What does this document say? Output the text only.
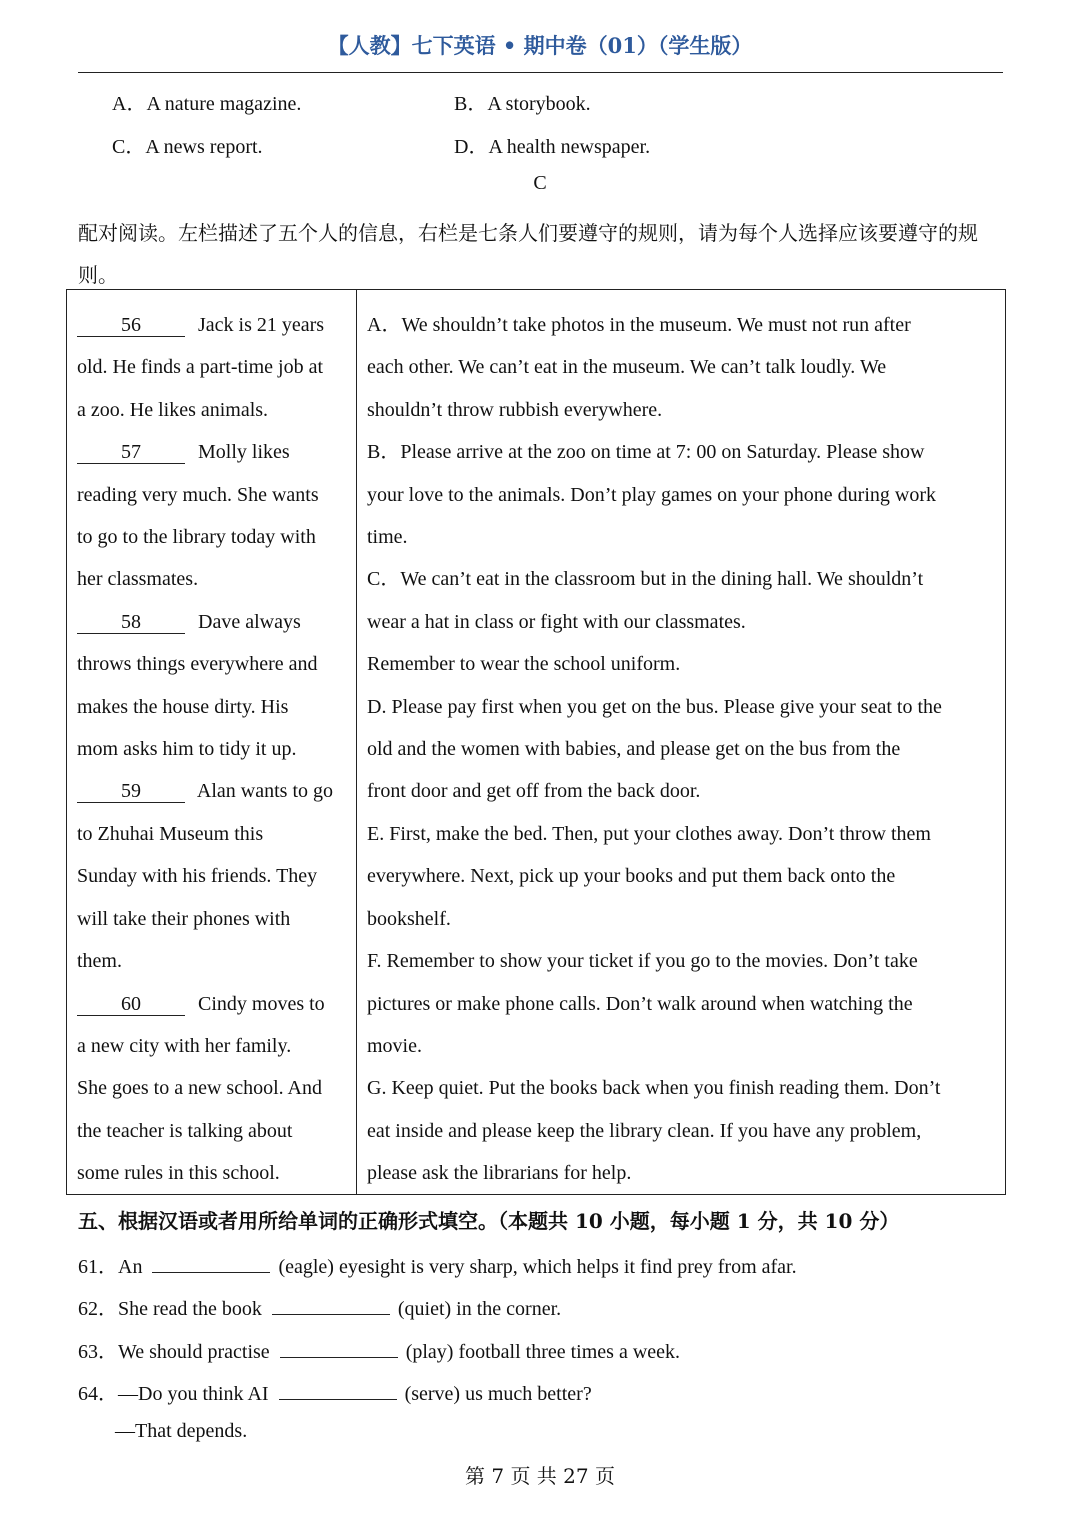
【人教】七下英语 • 期中卷（01）（学生版）
A．A nature magazine.	B．A storybook.
C．A news report.	D．A health newspaper.
C
配对阅读。左栏描述了五个人的信息，右栏是七条人们要遵守的规则，请为每个人选择应该要遵守的规则。
56	Jack is 21 years
old. He finds a part-time job at
a zoo. He likes animals.
57	Molly likes
reading very much. She wants
to go to the library today with
her classmates.
58	Dave always
throws things everywhere and
makes the house dirty. His
mom asks him to tidy it up.
59	Alan wants to go
to Zhuhai Museum this
Sunday with his friends. They
will take their phones with
them.
60	Cindy moves to
a new city with her family.
She goes to a new school. And
the teacher is talking about
some rules in this school.
A．We shouldn’t take photos in the museum. We must not run after
each other. We can’t eat in the museum. We can’t talk loudly. We
shouldn’t throw rubbish everywhere.
B．Please arrive at the zoo on time at 7: 00 on Saturday. Please show
your love to the animals. Don’t play games on your phone during work
time.
C．We can’t eat in the classroom but in the dining hall. We shouldn’t
wear a hat in class or fight with our classmates.
Remember to wear the school uniform.
D. Please pay first when you get on the bus. Please give your seat to the
old and the women with babies, and please get on the bus from the
front door and get off from the back door.
E. First, make the bed. Then, put your clothes away. Don’t throw them
everywhere. Next, pick up your books and put them back onto the
bookshelf.
F. Remember to show your ticket if you go to the movies. Don’t take
pictures or make phone calls. Don’t walk around when watching the
movie.
G. Keep quiet. Put the books back when you finish reading them. Don’t
eat inside and please keep the library clean. If you have any problem,
please ask the librarians for help.
五、根据汉语或者用所给单词的正确形式填空。（本题共 10 小题，每小题 1 分，共 10 分）
61．An	(eagle) eyesight is very sharp, which helps it find prey from afar.
62．She read the book	(quiet) in the corner.
63．We should practise	(play) football three times a week.
64．—Do you think AI	(serve) us much better?
—That depends.
第 7 页 共 27 页
